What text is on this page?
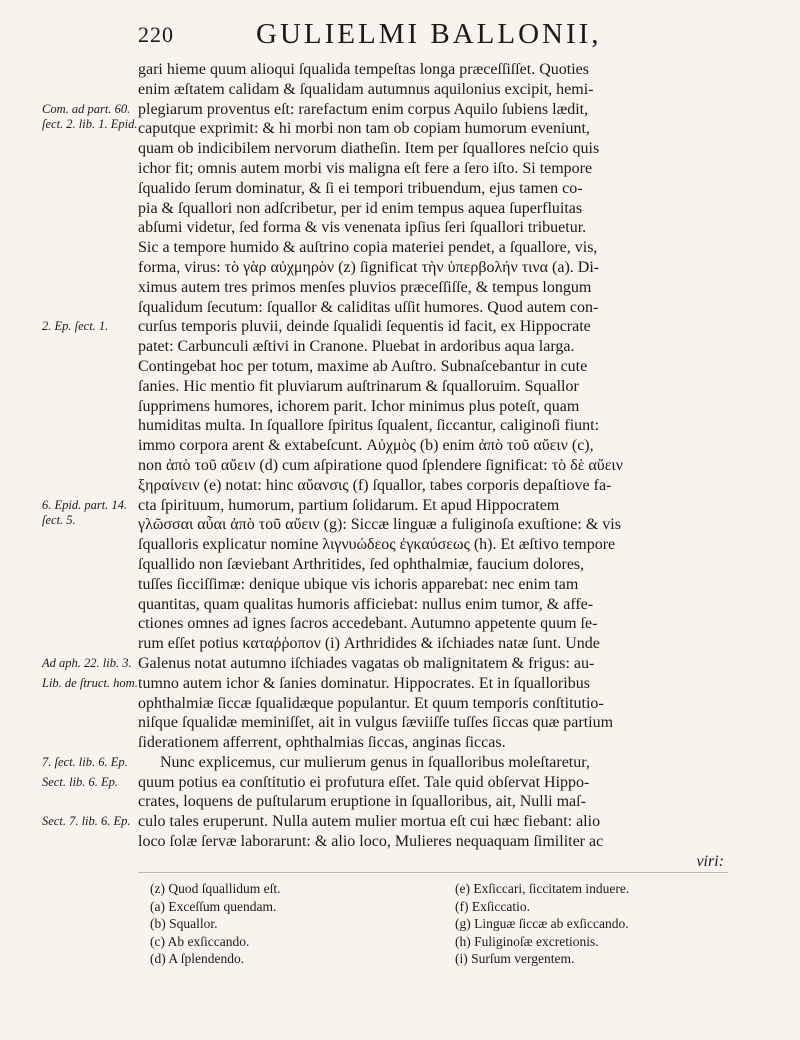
220	GULIELMI BALLONII,
Com. ad part. 60. ſect. 2. lib. 1. Epid.
2. Ep. ſect. 1.
6. Epid. part. 14. ſect. 5.
Ad aph. 22. lib. 3.
Lib. de ſtruct. hom.
7. ſect. lib. 6. Ep.
Sect. lib. 6. Ep.
Sect. 7. lib. 6. Ep.
gari hieme quum alioqui ſqualida tempeſtas longa præceſſiſſet. Quoties
enim æſtatem calidam & ſqualidam autumnus aquilonius excipit, hemi-
plegiarum proventus eſt: rarefactum enim corpus Aquilo ſubiens lædit,
caputque exprimit: & hi morbi non tam ob copiam humorum eveniunt,
quam ob indicibilem nervorum diatheſin. Item per ſquallores neſcio quis
ichor fit; omnis autem morbi vis maligna eſt fere a ſero iſto. Si tempore
ſqualido ſerum dominatur, & ſi ei tempori tribuendum, ejus tamen co-
pia & ſquallori non adſcribetur, per id enim tempus aquea ſuperfluitas
abſumi videtur, ſed forma & vis venenata ipſius ſeri ſquallori tribuetur.
Sic a tempore humido & auſtrino copia materiei pendet, a ſquallore, vis,
forma, virus: τὸ γὰρ αὐχμηρὸν (z) ſignificat τὴν ὑπερβολήν τινα (a). Di-
ximus autem tres primos menſes pluvios præceſſiſſe, & tempus longum
ſqualidum ſecutum: ſquallor & caliditas uſſit humores. Quod autem con-
curſus temporis pluvii, deinde ſqualidi ſequentis id facit, ex Hippocrate
patet: Carbunculi æſtivi in Cranone. Pluebat in ardoribus aqua larga.
Contingebat hoc per totum, maxime ab Auſtro. Subnaſcebantur in cute
ſanies. Hic mentio fit pluviarum auſtrinarum & ſqualloruim. Squallor
ſupprimens humores, ichorem parit. Ichor minimus plus poteſt, quam
humiditas multa. In ſquallore ſpiritus ſqualent, ſiccantur, caliginoſi fiunt:
immo corpora arent & extabeſcunt. Αὐχμὸς (b) enim ἀπὸ τοῦ αὔειν (c),
non ἀπὸ τοῦ αὔειν (d) cum aſpiratione quod ſplendere ſignificat: τὸ δὲ αὔειν
ξηραίνειν (e) notat: hinc αὔανσις (f) ſquallor, tabes corporis depaſtiove fa-
cta ſpirituum, humorum, partium ſolidarum. Et apud Hippocratem
γλῶσσαι αὖαι ἀπὸ τοῦ αὔειν (g): Siccæ linguæ a fuliginoſa exuſtione: & vis
ſqualloris explicatur nomine λιγνυώδεος ἐγκαύσεως (h). Et æſtivo tempore
ſquallido non ſæviebant Arthritides, ſed ophthalmiæ, faucium dolores,
tuſſes ſicciſſimæ: denique ubique vis ichoris apparebat: nec enim tam
quantitas, quam qualitas humoris afficiebat: nullus enim tumor, & affe-
ctiones omnes ad ignes ſacros accedebant. Autumno appetente quum ſe-
rum eſſet potius καταῤῥοπον (i) Arthridides & iſchiades natæ ſunt. Unde
Galenus notat autumno iſchiades vagatas ob malignitatem & frigus: au-
tumno autem ichor & ſanies dominatur. Hippocrates. Et in ſqualloribus
ophthalmiæ ſiccæ ſqualidæque populantur. Et quum temporis conſtitutio-
niſque ſqualidæ meminiſſet, ait in vulgus ſæviiſſe tuſſes ſiccas quæ partium
ſiderationem afferrent, ophthalmias ſiccas, anginas ſiccas.
Nunc explicemus, cur mulierum genus in ſqualloribus moleſtaretur,
quum potius ea conſtitutio ei profutura eſſet. Tale quid obſervat Hippo-
crates, loquens de puſtularum eruptione in ſqualloribus, ait, Nulli maſ-
culo tales eruperunt. Nulla autem mulier mortua eſt cui hæc fiebant: alio
loco ſolæ ſervæ laborarunt: & alio loco, Mulieres nequaquam ſimiliter ac
viri:
(z) Quod ſquallidum eſt.
(a) Exceſſum quendam.
(b) Squallor.
(c) Ab exſiccando.
(d) A ſplendendo.
(e) Exſiccari, ſiccitatem induere.
(f) Exſiccatio.
(g) Linguæ ſiccæ ab exſiccando.
(h) Fuliginoſæ excretionis.
(i) Surſum vergentem.
